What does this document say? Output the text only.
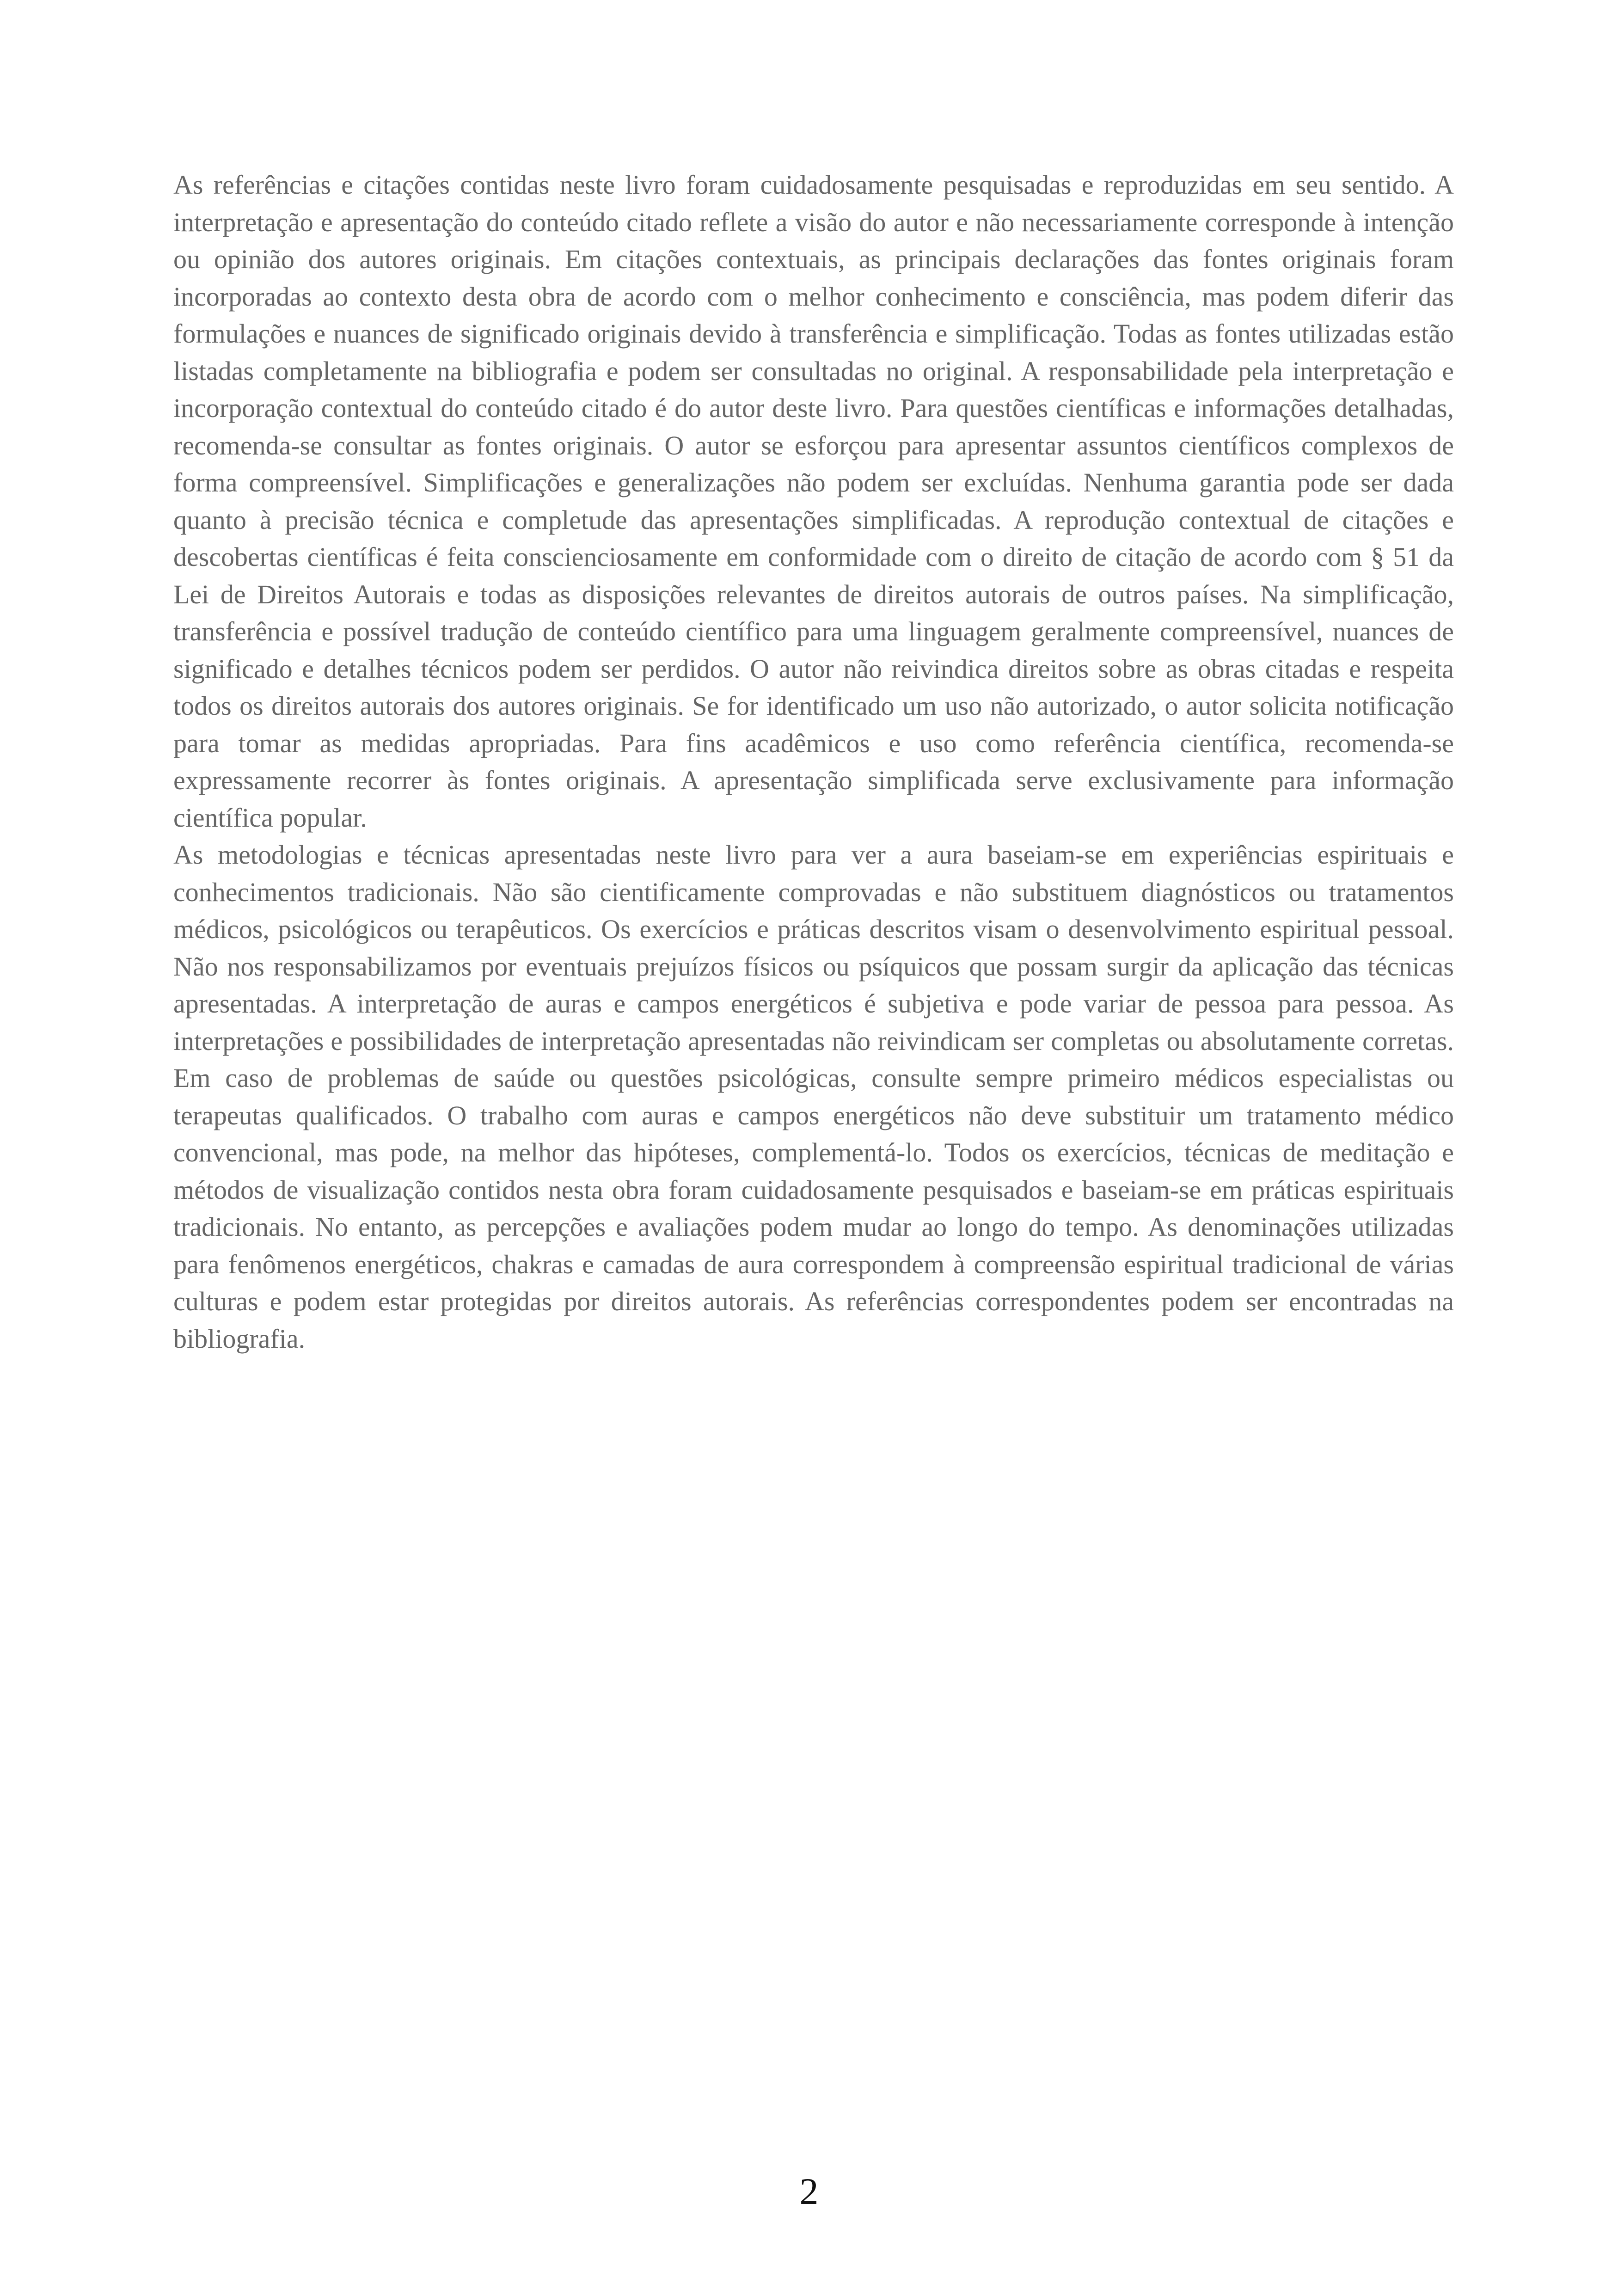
As referências e citações contidas neste livro foram cuidadosamente pesquisadas e reproduzidas em seu sentido. A interpretação e apresentação do conteúdo citado reflete a visão do autor e não necessariamente corresponde à intenção ou opinião dos autores originais. Em citações contextuais, as principais declarações das fontes originais foram incorporadas ao contexto desta obra de acordo com o melhor conhecimento e consciência, mas podem diferir das formulações e nuances de significado originais devido à transferência e simplificação. Todas as fontes utilizadas estão listadas completamente na bibliografia e podem ser consultadas no original. A responsabilidade pela interpretação e incorporação contextual do conteúdo citado é do autor deste livro. Para questões científicas e informações detalhadas, recomenda-se consultar as fontes originais. O autor se esforçou para apresentar assuntos científicos complexos de forma compreensível. Simplificações e generalizações não podem ser excluídas. Nenhuma garantia pode ser dada quanto à precisão técnica e completude das apresentações simplificadas. A reprodução contextual de citações e descobertas científicas é feita conscienciosamente em conformidade com o direito de citação de acordo com § 51 da Lei de Direitos Autorais e todas as disposições relevantes de direitos autorais de outros países. Na simplificação, transferência e possível tradução de conteúdo científico para uma linguagem geralmente compreensível, nuances de significado e detalhes técnicos podem ser perdidos. O autor não reivindica direitos sobre as obras citadas e respeita todos os direitos autorais dos autores originais. Se for identificado um uso não autorizado, o autor solicita notificação para tomar as medidas apropriadas. Para fins acadêmicos e uso como referência científica, recomenda-se expressamente recorrer às fontes originais. A apresentação simplificada serve exclusivamente para informação científica popular.

As metodologias e técnicas apresentadas neste livro para ver a aura baseiam-se em experiências espirituais e conhecimentos tradicionais. Não são cientificamente comprovadas e não substituem diagnósticos ou tratamentos médicos, psicológicos ou terapêuticos. Os exercícios e práticas descritos visam o desenvolvimento espiritual pessoal. Não nos responsabilizamos por eventuais prejuízos físicos ou psíquicos que possam surgir da aplicação das técnicas apresentadas. A interpretação de auras e campos energéticos é subjetiva e pode variar de pessoa para pessoa. As interpretações e possibilidades de interpretação apresentadas não reivindicam ser completas ou absolutamente corretas. Em caso de problemas de saúde ou questões psicológicas, consulte sempre primeiro médicos especialistas ou terapeutas qualificados. O trabalho com auras e campos energéticos não deve substituir um tratamento médico convencional, mas pode, na melhor das hipóteses, complementá-lo. Todos os exercícios, técnicas de meditação e métodos de visualização contidos nesta obra foram cuidadosamente pesquisados e baseiam-se em práticas espirituais tradicionais. No entanto, as percepções e avaliações podem mudar ao longo do tempo. As denominações utilizadas para fenômenos energéticos, chakras e camadas de aura correspondem à compreensão espiritual tradicional de várias culturas e podem estar protegidas por direitos autorais. As referências correspondentes podem ser encontradas na bibliografia.

2
